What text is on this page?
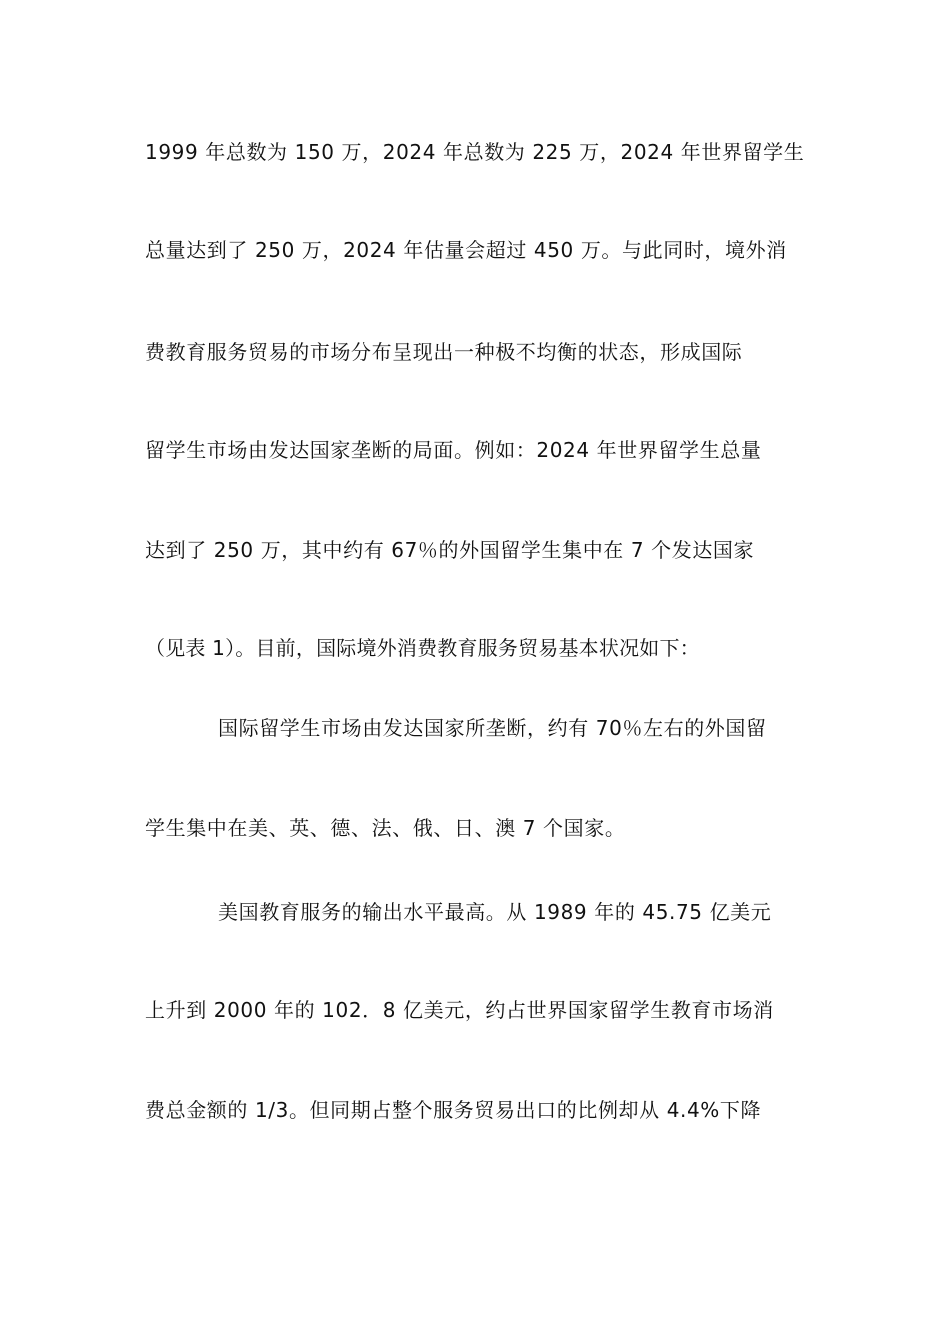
1999 年总数为 150 万，2024 年总数为 225 万，2024 年世界留学生
总量达到了 250 万，2024 年估量会超过 450 万。与此同时，境外消
费教育服务贸易的市场分布呈现出一种极不均衡的状态，形成国际
留学生市场由发达国家垄断的局面。例如：2024 年世界留学生总量
达到了 250 万，其中约有 67％的外国留学生集中在 7 个发达国家
（见表 1）。目前，国际境外消费教育服务贸易基本状况如下：
国际留学生市场由发达国家所垄断，约有 70％左右的外国留
学生集中在美、英、德、法、俄、日、澳 7 个国家。
美国教育服务的输出水平最高。从 1989 年的 45.75 亿美元
上升到 2000 年的 102．8 亿美元，约占世界国家留学生教育市场消
费总金额的 1/3。但同期占整个服务贸易出口的比例却从 4.4%下降
